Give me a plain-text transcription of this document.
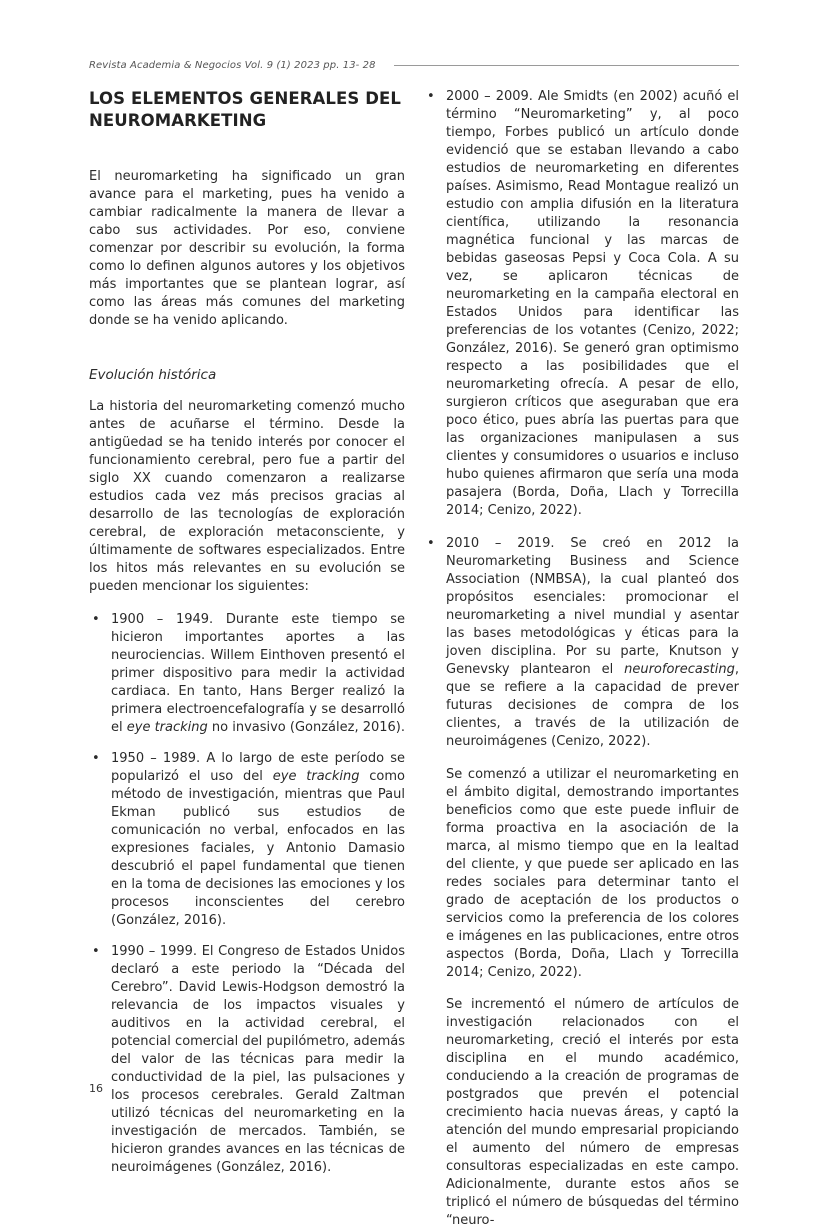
Revista Academia & Negocios Vol. 9 (1) 2023 pp. 13- 28
LOS ELEMENTOS GENERALES DEL NEUROMARKETING

El neuromarketing ha significado un gran avance para el marketing, pues ha venido a cambiar radicalmente la manera de llevar a cabo sus actividades. Por eso, conviene comenzar por describir su evolución, la forma como lo definen algunos autores y los objetivos más importantes que se plantean lograr, así como las áreas más comunes del marketing donde se ha venido aplicando.

Evolución histórica

La historia del neuromarketing comenzó mucho antes de acuñarse el término. Desde la antigüedad se ha tenido interés por conocer el funcionamiento cerebral, pero fue a partir del siglo XX cuando comenzaron a realizarse estudios cada vez más precisos gracias al desarrollo de las tecnologías de exploración cerebral, de exploración metaconsciente, y últimamente de softwares especializados. Entre los hitos más relevantes en su evolución se pueden mencionar los siguientes:

• 1900 – 1949. Durante este tiempo se hicieron importantes aportes a las neurociencias. Willem Einthoven presentó el primer dispositivo para medir la actividad cardiaca. En tanto, Hans Berger realizó la primera electroencefalografía y se desarrolló el eye tracking no invasivo (González, 2016).
• 1950 – 1989. A lo largo de este período se popularizó el uso del eye tracking como método de investigación, mientras que Paul Ekman publicó sus estudios de comunicación no verbal, enfocados en las expresiones faciales, y Antonio Damasio descubrió el papel fundamental que tienen en la toma de decisiones las emociones y los procesos inconscientes del cerebro (González, 2016).
• 1990 – 1999. El Congreso de Estados Unidos declaró a este periodo la “Década del Cerebro”. David Lewis-Hodgson demostró la relevancia de los impactos visuales y auditivos en la actividad cerebral, el potencial comercial del pupilómetro, además del valor de las técnicas para medir la conductividad de la piel, las pulsaciones y los procesos cerebrales. Gerald Zaltman utilizó técnicas del neuromarketing en la investigación de mercados. También, se hicieron grandes avances en las técnicas de neuroimágenes (González, 2016).
• 2000 – 2009. Ale Smidts (en 2002) acuñó el término “Neuromarketing” y, al poco tiempo, Forbes publicó un artículo donde evidenció que se estaban llevando a cabo estudios de neuromarketing en diferentes países. Asimismo, Read Montague realizó un estudio con amplia difusión en la literatura científica, utilizando la resonancia magnética funcional y las marcas de bebidas gaseosas Pepsi y Coca Cola. A su vez, se aplicaron técnicas de neuromarketing en la campaña electoral en Estados Unidos para identificar las preferencias de los votantes (Cenizo, 2022; González, 2016). Se generó gran optimismo respecto a las posibilidades que el neuromarketing ofrecía. A pesar de ello, surgieron críticos que aseguraban que era poco ético, pues abría las puertas para que las organizaciones manipulasen a sus clientes y consumidores o usuarios e incluso hubo quienes afirmaron que sería una moda pasajera (Borda, Doña, Llach y Torrecilla 2014; Cenizo, 2022).
• 2010 – 2019. Se creó en 2012 la Neuromarketing Business and Science Association (NMBSA), la cual planteó dos propósitos esenciales: promocionar el neuromarketing a nivel mundial y asentar las bases metodológicas y éticas para la joven disciplina. Por su parte, Knutson y Genevsky plantearon el neuroforecasting, que se refiere a la capacidad de prever futuras decisiones de compra de los clientes, a través de la utilización de neuroimágenes (Cenizo, 2022).

Se comenzó a utilizar el neuromarketing en el ámbito digital, demostrando importantes beneficios como que este puede influir de forma proactiva en la asociación de la marca, al mismo tiempo que en la lealtad del cliente, y que puede ser aplicado en las redes sociales para determinar tanto el grado de aceptación de los productos o servicios como la preferencia de los colores e imágenes en las publicaciones, entre otros aspectos (Borda, Doña, Llach y Torrecilla 2014; Cenizo, 2022).

Se incrementó el número de artículos de investigación relacionados con el neuromarketing, creció el interés por esta disciplina en el mundo académico, conduciendo a la creación de programas de postgrados que prevén el potencial crecimiento hacia nuevas áreas, y captó la atención del mundo empresarial propiciando el aumento del número de empresas consultoras especializadas en este campo. Adicionalmente, durante estos años se triplicó el número de búsquedas del término “neuro-

16
